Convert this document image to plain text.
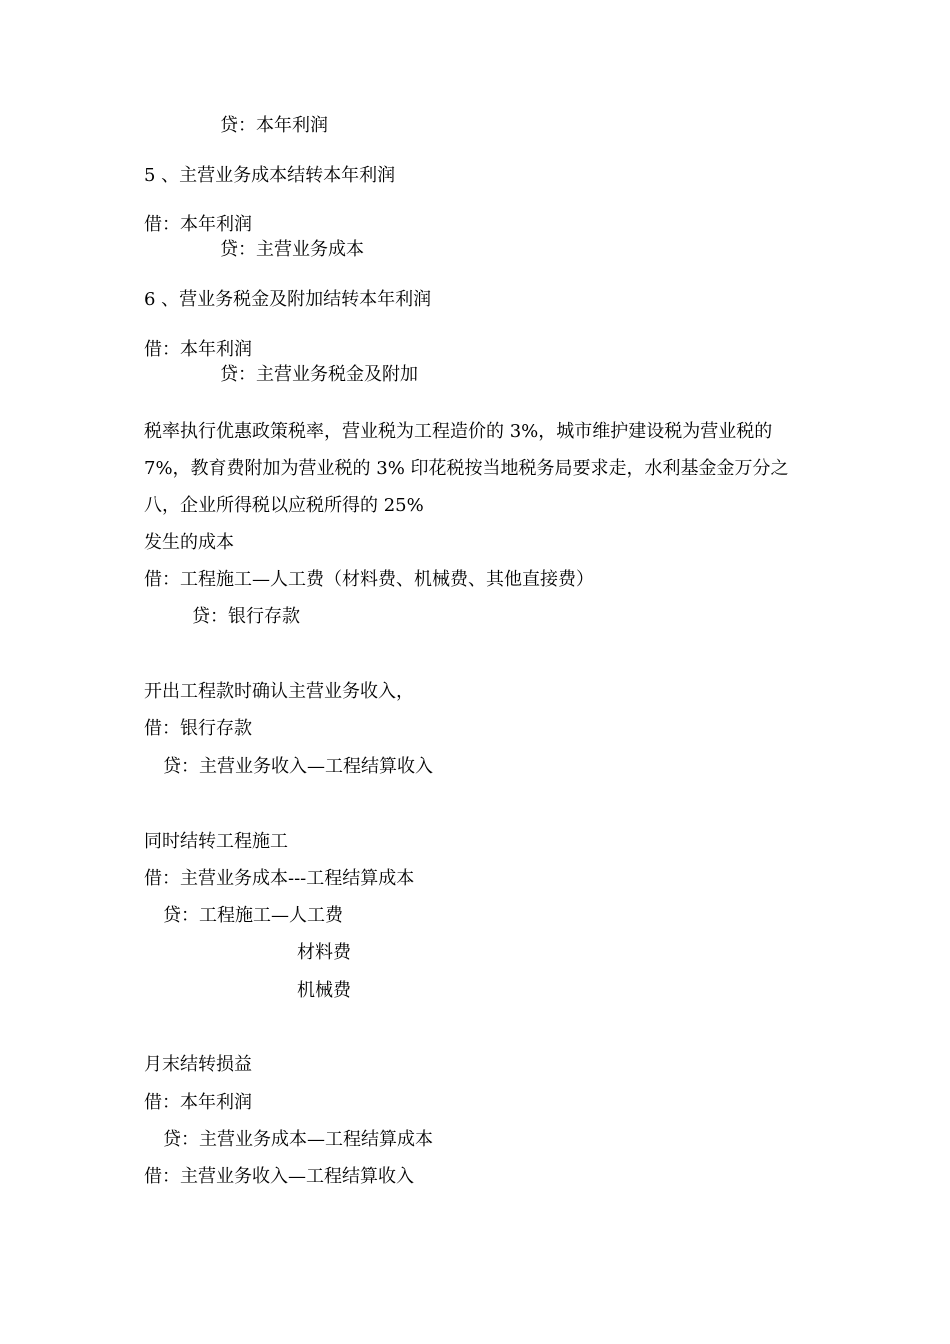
贷：本年利润
5 、主营业务成本结转本年利润
借：本年利润
贷：主营业务成本
6 、营业务税金及附加结转本年利润
借：本年利润
贷：主营业务税金及附加
税率执行优惠政策税率，营业税为工程造价的 3%，城市维护建设税为营业税的
7%，教育费附加为营业税的 3% 印花税按当地税务局要求走，水利基金金万分之
八，企业所得税以应税所得的 25%
发生的成本
借：工程施工—人工费（材料费、机械费、其他直接费）
贷：银行存款
开出工程款时确认主营业务收入，
借：银行存款
贷：主营业务收入—工程结算收入
同时结转工程施工
借：主营业务成本---工程结算成本
贷：工程施工—人工费
材料费
机械费
月末结转损益
借：本年利润
贷：主营业务成本—工程结算成本
借：主营业务收入—工程结算收入
